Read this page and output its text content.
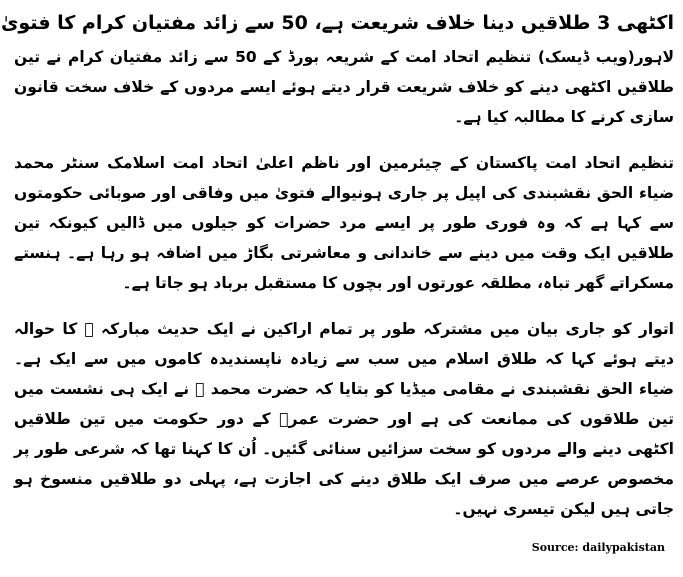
اکٹھی 3 طلاقیں دینا خلاف شریعت ہے، 50 سے زائد مفتیان کرام کا فتویٰ

لاہور(ویب ڈیسک) تنظیم اتحاد امت کے شریعہ بورڈ کے 50 سے زائد مفتیان کرام نے تین طلاقیں اکٹھی دینے کو خلاف شریعت قرار دیتے ہوئے ایسے مردوں کے خلاف سخت قانون سازی کرنے کا مطالبہ کیا ہے۔

تنظیم اتحاد امت پاکستان کے چیئرمین اور ناظم اعلیٰ اتحاد امت اسلامک سنٹر محمد ضیاء الحق نقشبندی کی اپیل پر جاری ہونیوالے فتویٰ میں وفاقی اور صوبائی حکومتوں سے کہا ہے کہ وہ فوری طور پر ایسے مرد حضرات کو جیلوں میں ڈالیں کیونکہ تین طلاقیں ایک وقت میں دینے سے خاندانی و معاشرتی بگاڑ میں اضافہ ہو رہا ہے۔ ہنستے مسکراتے گھر تباہ، مطلقہ عورتوں اور بچوں کا مستقبل برباد ہو جاتا ہے۔

اتوار کو جاری بیان میں مشترکہ طور پر تمام اراکین نے ایک حدیث مبارکہ ﷺ کا حوالہ دیتے ہوئے کہا کہ طلاق اسلام میں سب سے زیادہ ناپسندیدہ کاموں میں سے ایک ہے۔ ضیاء الحق نقشبندی نے مقامی میڈیا کو بتایا کہ حضرت محمد ﷺ نے ایک ہی نشست میں تین طلاقوں کی ممانعت کی ہے اور حضرت عمرؓ کے دور حکومت میں تین طلاقیں اکٹھی دینے والے مردوں کو سخت سزائیں سنائی گئیں۔ اُن کا کہنا تھا کہ شرعی طور پر مخصوص عرصے میں صرف ایک طلاق دینے کی اجازت ہے، پہلی دو طلاقیں منسوخ ہو جاتی ہیں لیکن تیسری نہیں۔

Source: dailypakistan
